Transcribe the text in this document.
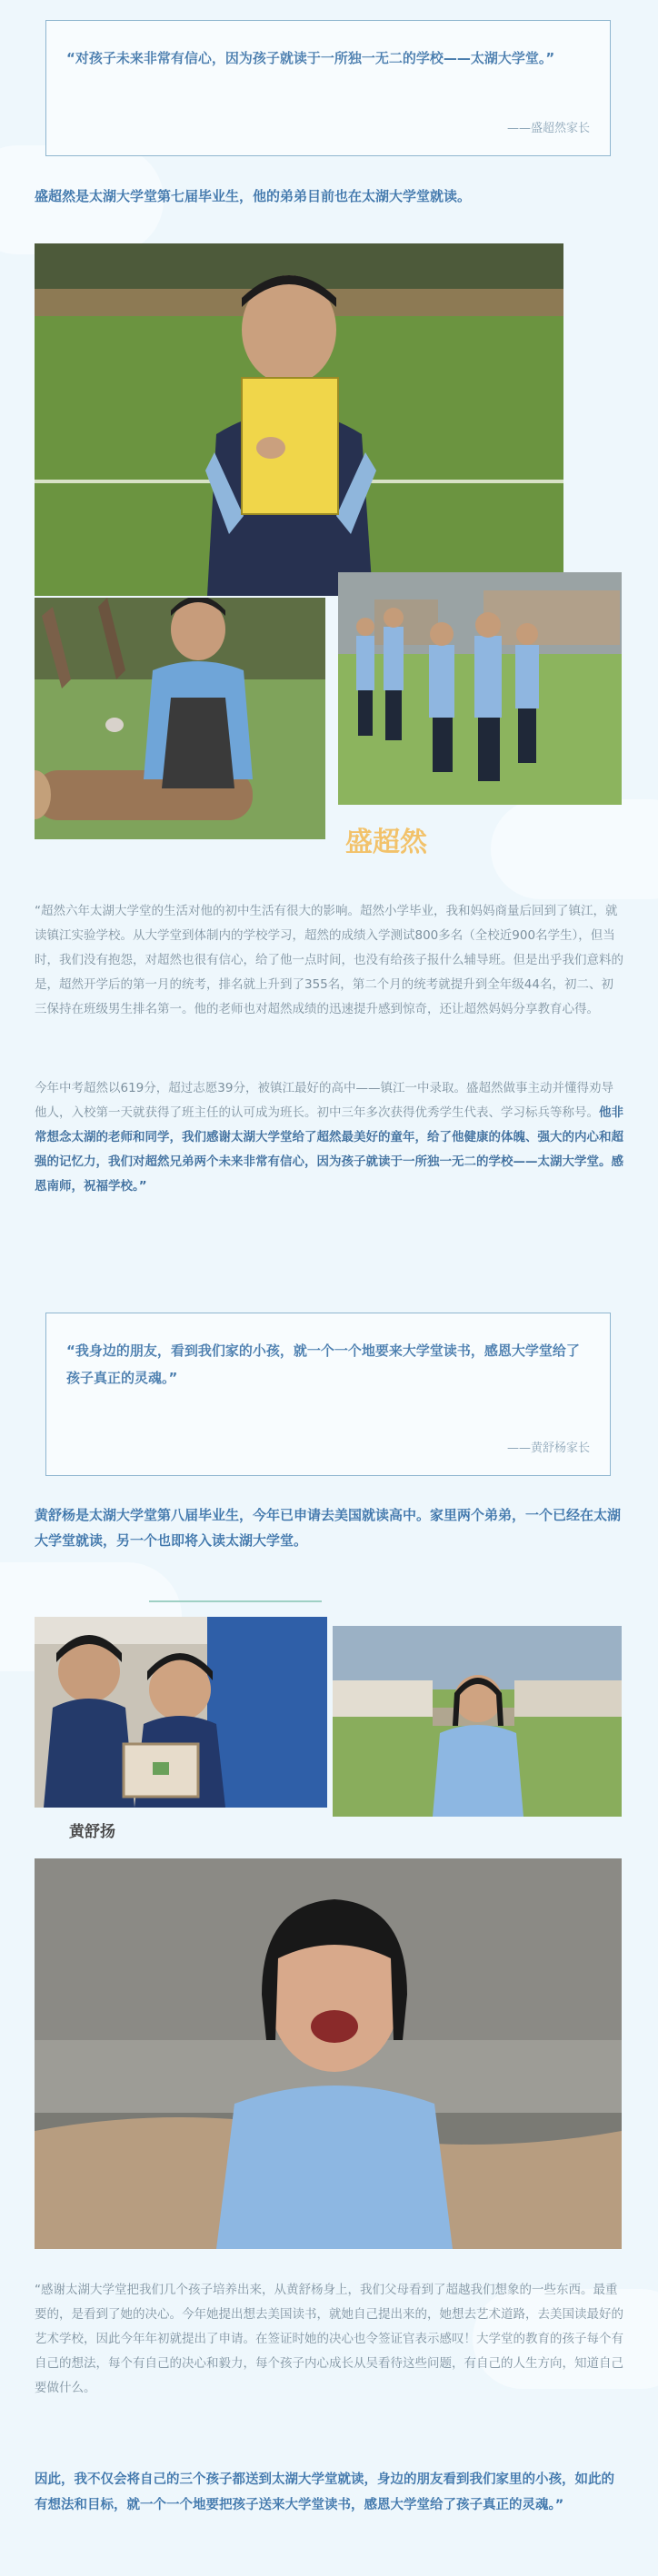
“对孩子未来非常有信心，因为孩子就读于一所独一无二的学校——太湖大学堂。”
——盛超然家长
盛超然是太湖大学堂第七届毕业生，他的弟弟目前也在太湖大学堂就读。
盛超然
“超然六年太湖大学堂的生活对他的初中生活有很大的影响。超然小学毕业，我和妈妈商量后回到了镇江，就读镇江实验学校。从大学堂到体制内的学校学习，超然的成绩入学测试800多名（全校近900名学生），但当时，我们没有抱怨，对超然也很有信心，给了他一点时间，也没有给孩子报什么辅导班。但是出乎我们意料的是，超然开学后的第一月的统考，排名就上升到了355名，第二个月的统考就提升到全年级44名，初二、初三保持在班级男生排名第一。他的老师也对超然成绩的迅速提升感到惊奇，还让超然妈妈分享教育心得。
今年中考超然以619分，超过志愿39分，被镇江最好的高中——镇江一中录取。盛超然做事主动并懂得劝导他人，入校第一天就获得了班主任的认可成为班长。初中三年多次获得优秀学生代表、学习标兵等称号。他非常想念太湖的老师和同学，我们感谢太湖大学堂给了超然最美好的童年，给了他健康的体魄、强大的内心和超强的记忆力，我们对超然兄弟两个未来非常有信心，因为孩子就读于一所独一无二的学校——太湖大学堂。感恩南师，祝福学校。”
“我身边的朋友，看到我们家的小孩，就一个一个地要来大学堂读书，感恩大学堂给了孩子真正的灵魂。”
——黄舒杨家长
黄舒杨是太湖大学堂第八届毕业生，今年已申请去美国就读高中。家里两个弟弟，一个已经在太湖大学堂就读，另一个也即将入读太湖大学堂。
黄舒扬
“感谢太湖大学堂把我们几个孩子培养出来，从黄舒杨身上，我们父母看到了超越我们想象的一些东西。最重要的，是看到了她的决心。今年她提出想去美国读书，就她自己提出来的，她想去艺术道路，去美国读最好的艺术学校，因此今年年初就提出了申请。在签证时她的决心也令签证官表示感叹！大学堂的教育的孩子每个有自己的想法，每个有自己的决心和毅力，每个孩子内心成长从吴看待这些问题，有自己的人生方向，知道自己要做什么。
因此，我不仅会将自己的三个孩子都送到太湖大学堂就读，身边的朋友看到我们家里的小孩，如此的有想法和目标，就一个一个地要把孩子送来大学堂读书，感恩大学堂给了孩子真正的灵魂。”
